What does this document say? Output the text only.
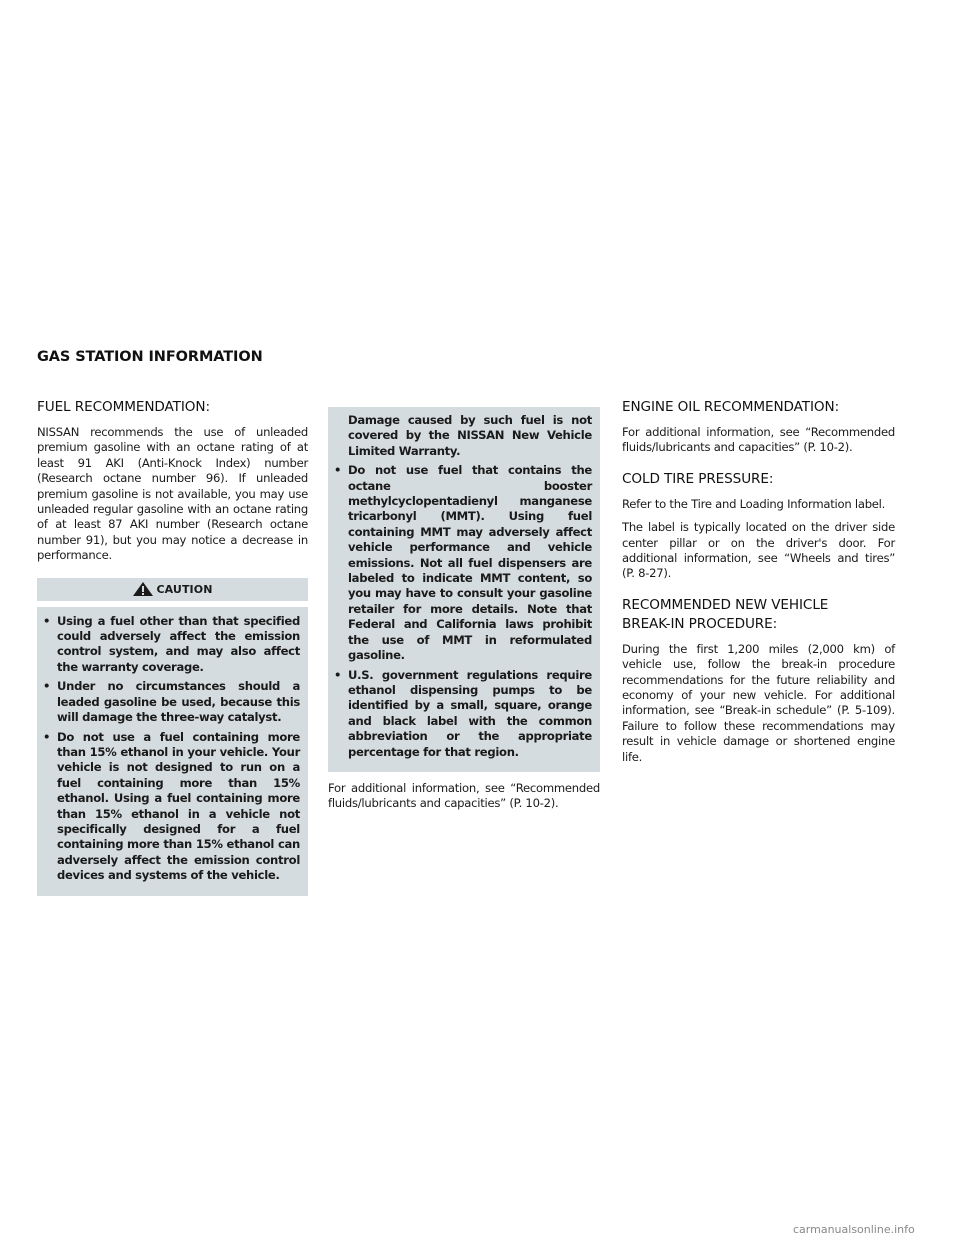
GAS STATION INFORMATION
FUEL RECOMMENDATION:

NISSAN recommends the use of unleaded premium gasoline with an octane rating of at least 91 AKI (Anti-Knock Index) number (Research octane number 96). If unleaded premium gasoline is not available, you may use unleaded regular gasoline with an octane rating of at least 87 AKI number (Research octane number 91), but you may notice a decrease in performance.

CAUTION
• Using a fuel other than that specified could adversely affect the emission control system, and may also affect the warranty coverage.
• Under no circumstances should a leaded gasoline be used, because this will damage the three-way catalyst.
• Do not use a fuel containing more than 15% ethanol in your vehicle. Your vehicle is not designed to run on a fuel containing more than 15% ethanol. Using a fuel containing more than 15% ethanol in a vehicle not specifically designed for a fuel containing more than 15% ethanol can adversely affect the emission control devices and systems of the vehicle.
Damage caused by such fuel is not covered by the NISSAN New Vehicle Limited Warranty.
• Do not use fuel that contains the octane booster methylcyclopentadienyl manganese tricarbonyl (MMT). Using fuel containing MMT may adversely affect vehicle performance and vehicle emissions. Not all fuel dispensers are labeled to indicate MMT content, so you may have to consult your gasoline retailer for more details. Note that Federal and California laws prohibit the use of MMT in reformulated gasoline.
• U.S. government regulations require ethanol dispensing pumps to be identified by a small, square, orange and black label with the common abbreviation or the appropriate percentage for that region.

For additional information, see “Recommended fluids/lubricants and capacities” (P. 10-2).

ENGINE OIL RECOMMENDATION:

For additional information, see “Recommended fluids/lubricants and capacities” (P. 10-2).

COLD TIRE PRESSURE:

Refer to the Tire and Loading Information label.

The label is typically located on the driver side center pillar or on the driver's door. For additional information, see “Wheels and tires” (P. 8-27).

RECOMMENDED NEW VEHICLE
BREAK-IN PROCEDURE:

During the first 1,200 miles (2,000 km) of vehicle use, follow the break-in procedure recommendations for the future reliability and economy of your new vehicle. For additional information, see “Break-in schedule” (P. 5-109). Failure to follow these recommendations may result in vehicle damage or shortened engine life.

carmanualsonline.info
